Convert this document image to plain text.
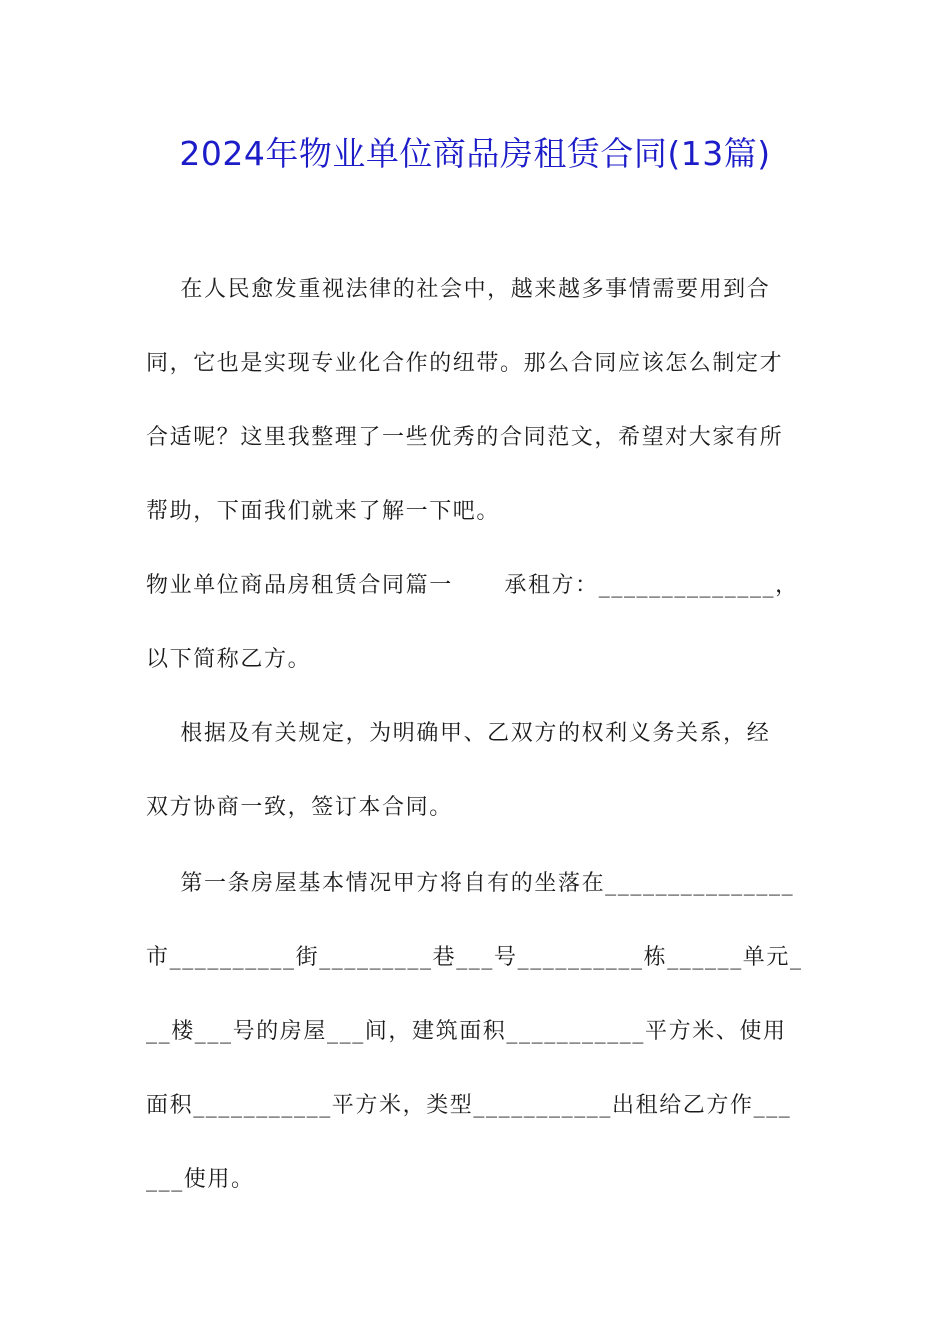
2024年物业单位商品房租赁合同(13篇)
在人民愈发重视法律的社会中，越来越多事情需要用到合
同，它也是实现专业化合作的纽带。那么合同应该怎么制定才
合适呢？这里我整理了一些优秀的合同范文，希望对大家有所
帮助，下面我们就来了解一下吧。
物业单位商品房租赁合同篇一      承租方：______________，
以下简称乙方。
根据及有关规定，为明确甲、乙双方的权利义务关系，经
双方协商一致，签订本合同。
第一条房屋基本情况甲方将自有的坐落在_______________
市__________街_________巷___号__________栋______单元_
__楼___号的房屋___间，建筑面积___________平方米、使用
面积___________平方米，类型___________出租给乙方作___
___使用。
